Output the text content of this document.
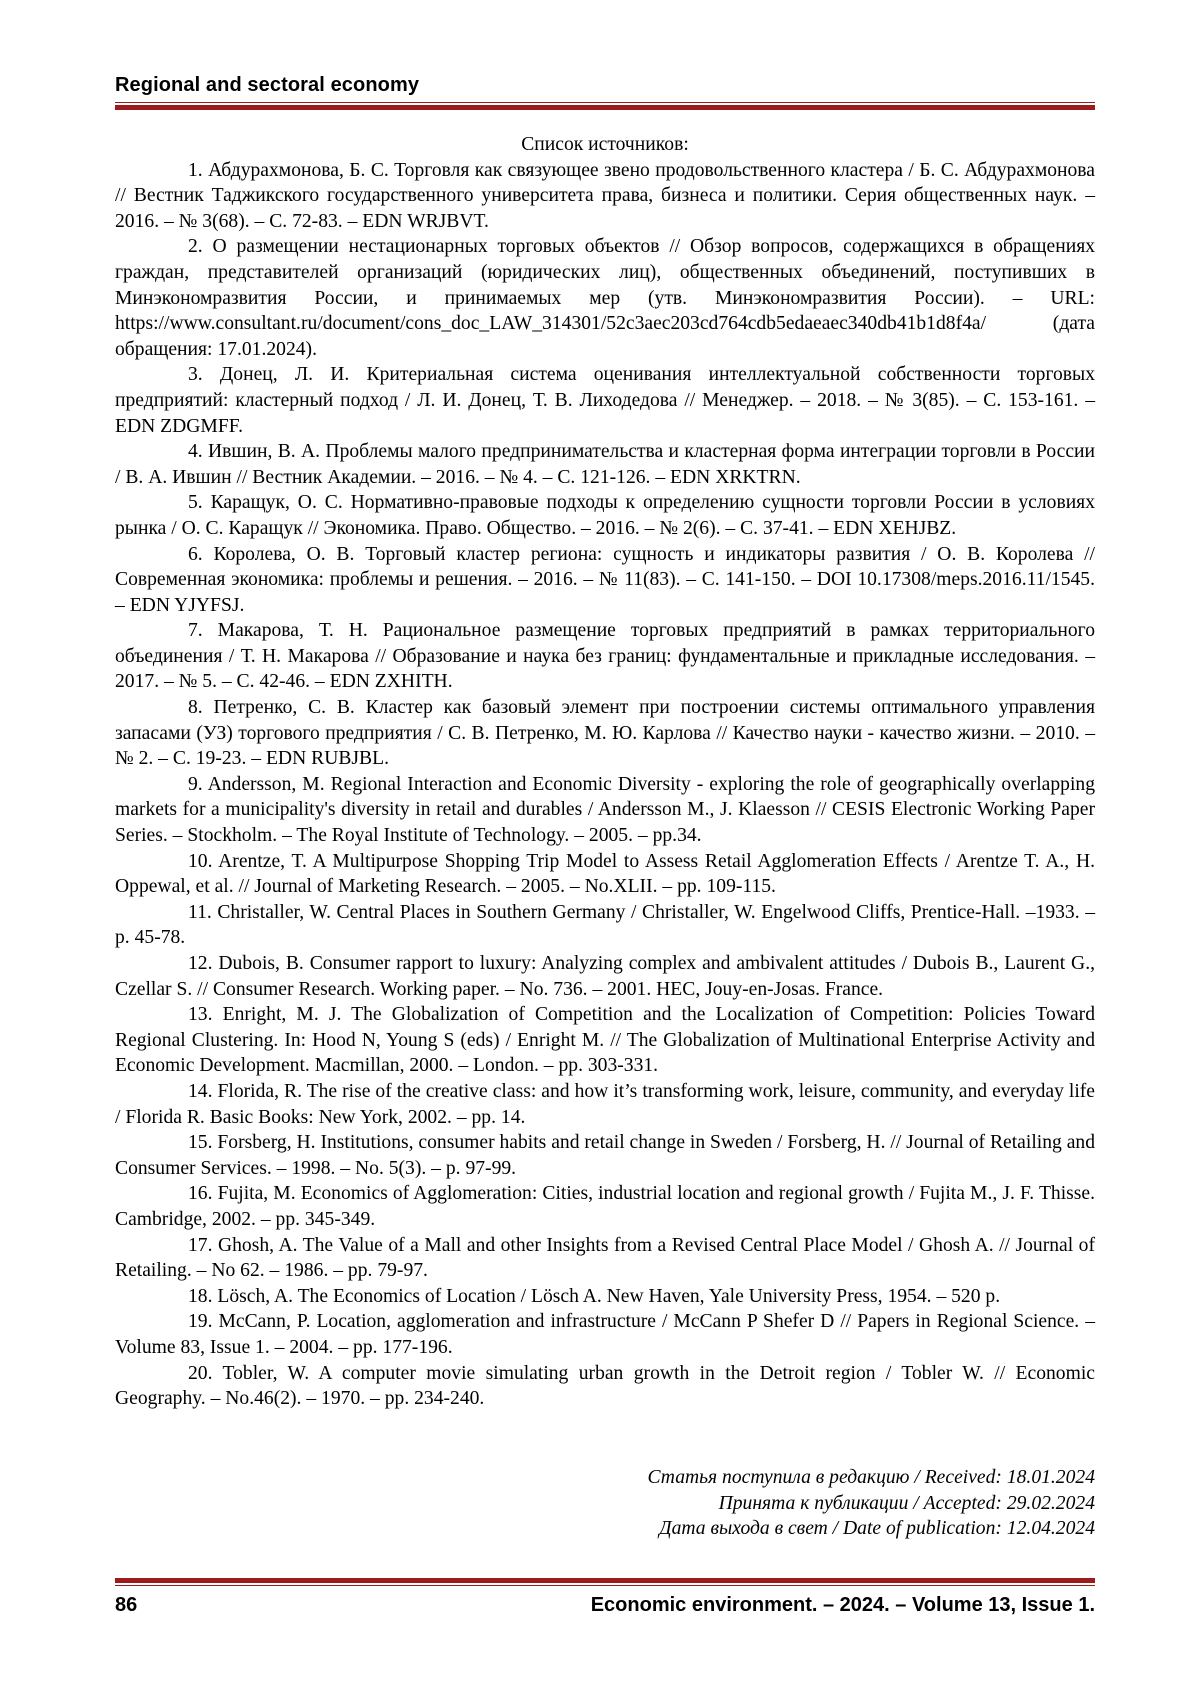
Regional and sectoral economy

Список источников:

1. Абдурахмонова, Б. С. Торговля как связующее звено продовольственного кластера / Б. С. Абдурахмонова // Вестник Таджикского государственного университета права, бизнеса и политики. Серия общественных наук. – 2016. – № 3(68). – С. 72-83. – EDN WRJBVT.

2. О размещении нестационарных торговых объектов // Обзор вопросов, содержащихся в обращениях граждан, представителей организаций (юридических лиц), общественных объединений, поступивших в Минэкономразвития России, и принимаемых мер (утв. Минэкономразвития России). – URL: https://www.consultant.ru/document/cons_doc_LAW_314301/52c3aec203cd764cdb5edaeaec340db41b1d8f4a/ (дата обращения: 17.01.2024).

3. Донец, Л. И. Критериальная система оценивания интеллектуальной собственности торговых предприятий: кластерный подход / Л. И. Донец, Т. В. Лиходедова // Менеджер. – 2018. – № 3(85). – С. 153-161. – EDN ZDGMFF.

4. Ившин, В. А. Проблемы малого предпринимательства и кластерная форма интеграции торговли в России / В. А. Ившин // Вестник Академии. – 2016. – № 4. – С. 121-126. – EDN XRKTRN.

5. Каращук, О. С. Нормативно-правовые подходы к определению сущности торговли России в условиях рынка / О. С. Каращук // Экономика. Право. Общество. – 2016. – № 2(6). – С. 37-41. – EDN XEHJBZ.

6. Королева, О. В. Торговый кластер региона: сущность и индикаторы развития / О. В. Королева // Современная экономика: проблемы и решения. – 2016. – № 11(83). – С. 141-150. – DOI 10.17308/meps.2016.11/1545. – EDN YJYFSJ.

7. Макарова, Т. Н. Рациональное размещение торговых предприятий в рамках территориального объединения / Т. Н. Макарова // Образование и наука без границ: фундаментальные и прикладные исследования. – 2017. – № 5. – С. 42-46. – EDN ZXHITH.

8. Петренко, С. В. Кластер как базовый элемент при построении системы оптимального управления запасами (УЗ) торгового предприятия / С. В. Петренко, М. Ю. Карлова // Качество науки - качество жизни. – 2010. – № 2. – С. 19-23. – EDN RUBJBL.

9. Andersson, M. Regional Interaction and Economic Diversity - exploring the role of geographically overlapping markets for a municipality's diversity in retail and durables / Andersson M., J. Klaesson // CESIS Electronic Working Paper Series. – Stockholm. – The Royal Institute of Technology. – 2005. – pp.34.

10. Arentze, T. A Multipurpose Shopping Trip Model to Assess Retail Agglomeration Effects / Arentze T. A., H. Oppewal, et al. // Journal of Marketing Research. – 2005. – No.XLII. – pp. 109-115.

11. Christaller, W. Central Places in Southern Germany / Christaller, W. Engelwood Cliffs, Prentice-Hall. –1933. – p. 45-78.

12. Dubois, B. Consumer rapport to luxury: Analyzing complex and ambivalent attitudes / Dubois B., Laurent G., Czellar S. // Consumer Research. Working paper. – No. 736. – 2001. HEC, Jouy-en-Josas. France.

13. Enright, M. J. The Globalization of Competition and the Localization of Competition: Policies Toward Regional Clustering. In: Hood N, Young S (eds) / Enright M. // The Globalization of Multinational Enterprise Activity and Economic Development. Macmillan, 2000. – London. – pp. 303-331.

14. Florida, R. The rise of the creative class: and how it’s transforming work, leisure, community, and everyday life / Florida R. Basic Books: New York, 2002. – pp. 14.

15. Forsberg, H. Institutions, consumer habits and retail change in Sweden / Forsberg, H. // Journal of Retailing and Consumer Services. – 1998. – No. 5(3). – p. 97-99.

16. Fujita, M. Economics of Agglomeration: Cities, industrial location and regional growth / Fujita M., J. F. Thisse. Cambridge, 2002. – pp. 345-349.

17. Ghosh, A. The Value of a Mall and other Insights from a Revised Central Place Model / Ghosh A. // Journal of Retailing. – No 62. – 1986. – pp. 79-97.

18. Lösch, A. The Economics of Location / Lösch A. New Haven, Yale University Press, 1954. – 520 p.

19. McCann, P. Location, agglomeration and infrastructure / McCann P Shefer D // Papers in Regional Science. – Volume 83, Issue 1. – 2004. – pp. 177-196.

20. Tobler, W. A computer movie simulating urban growth in the Detroit region / Tobler W. // Economic Geography. – No.46(2). – 1970. – pp. 234-240.

Статья поступила в редакцию / Received: 18.01.2024
Принята к публикации / Accepted: 29.02.2024
Дата выхода в свет / Date of publication: 12.04.2024
86	Economic environment. – 2024. – Volume 13, Issue 1.
